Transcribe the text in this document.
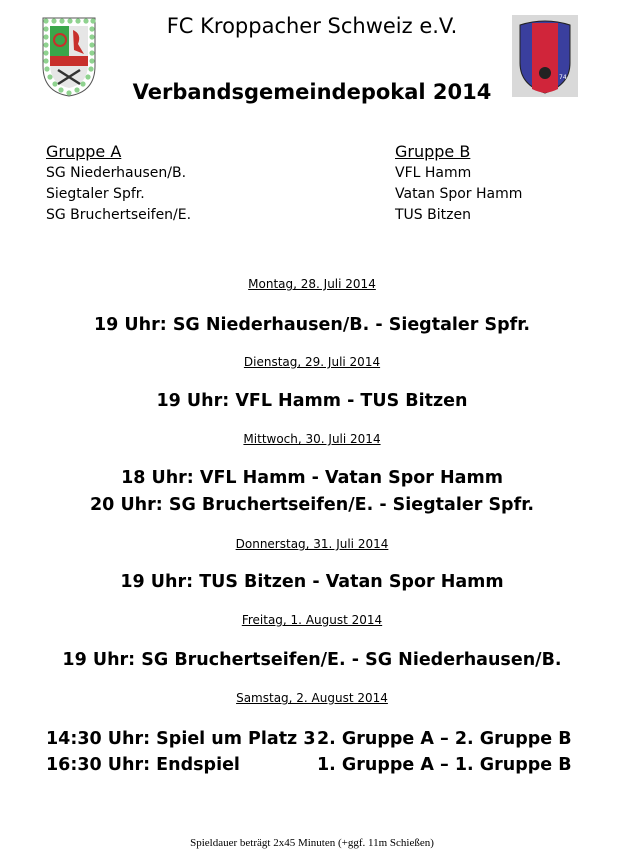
74
FC Kroppacher Schweiz e.V.
Verbandsgemeindepokal 2014
Gruppe A
SG Niederhausen/B.
Siegtaler Spfr.
SG Bruchertseifen/E.
Gruppe B
VFL Hamm
Vatan Spor Hamm
TUS Bitzen
Montag, 28. Juli 2014
19 Uhr: SG Niederhausen/B. - Siegtaler Spfr.
Dienstag, 29. Juli 2014
19 Uhr: VFL Hamm - TUS Bitzen
Mittwoch, 30. Juli 2014
18 Uhr: VFL Hamm - Vatan Spor Hamm
20 Uhr: SG Bruchertseifen/E. - Siegtaler Spfr.
Donnerstag, 31. Juli 2014
19 Uhr: TUS Bitzen - Vatan Spor Hamm
Freitag, 1. August 2014
19 Uhr: SG Bruchertseifen/E. - SG Niederhausen/B.
Samstag, 2. August 2014
14:30 Uhr: Spiel um Platz 3
16:30 Uhr: Endspiel
2. Gruppe A – 2. Gruppe B
1. Gruppe A – 1. Gruppe B
Spieldauer beträgt 2x45 Minuten (+ggf. 11m Schießen)
